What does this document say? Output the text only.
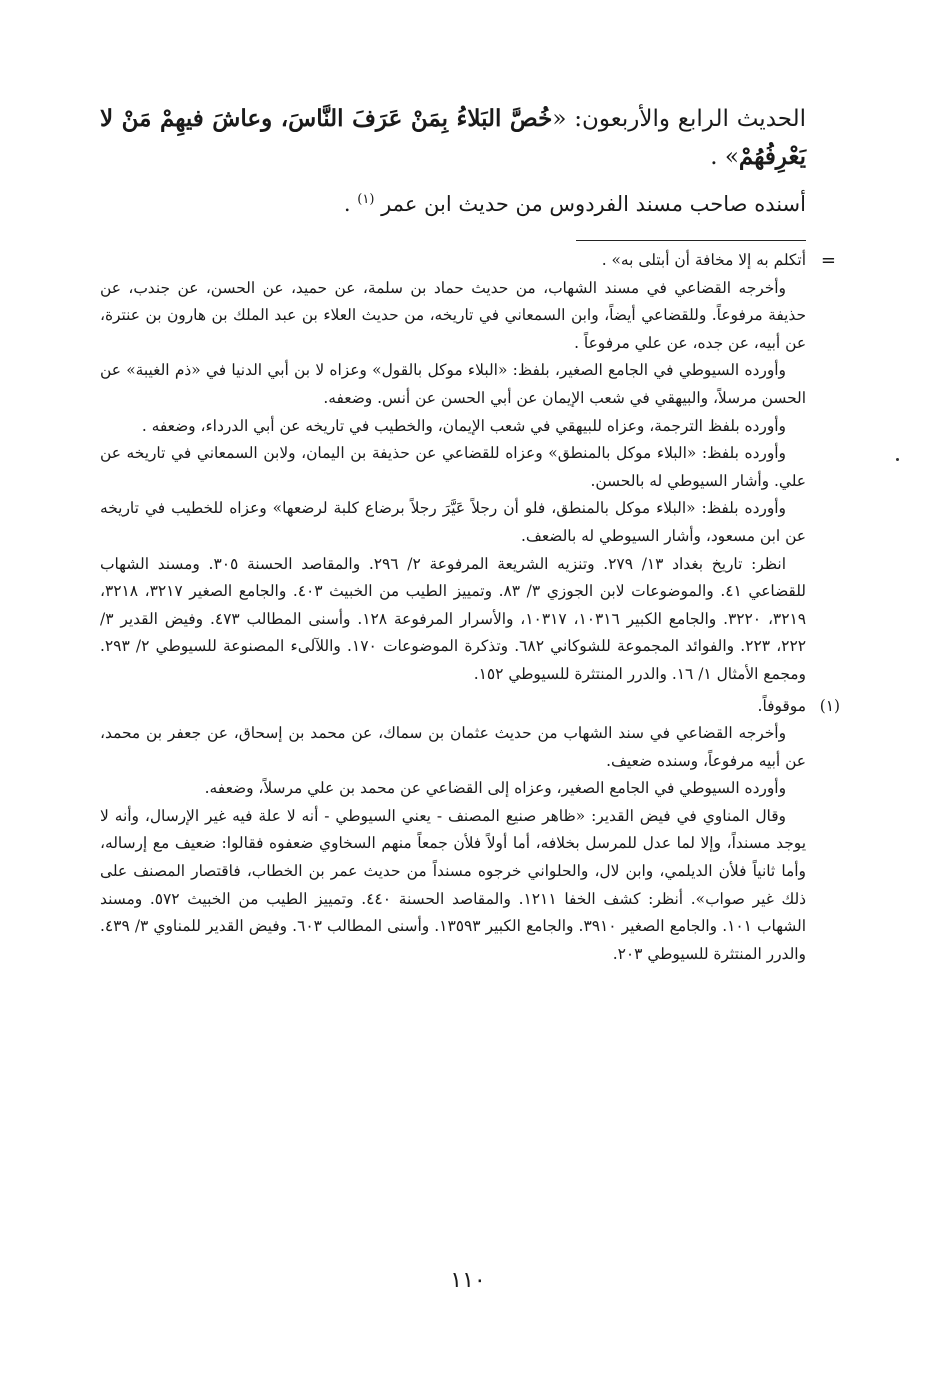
الحديث الرابع والأربعون: «خُصَّ البَلاءُ بِمَنْ عَرَفَ النَّاسَ، وعاشَ فيهِمْ مَنْ لا يَعْرِفُهُمْ» .

أسنده صاحب مسند الفردوس من حديث ابن عمر $^{(١)}$ .

=

أتكلم به إلا مخافة أن أبتلى به» .

وأخرجه القضاعي في مسند الشهاب، من حديث حماد بن سلمة، عن حميد، عن الحسن، عن جندب، عن حذيفة مرفوعاً. وللقضاعي أيضاً، وابن السمعاني في تاريخه، من حديث العلاء بن عبد الملك بن هارون بن عنترة، عن أبيه، عن جده، عن علي مرفوعاً .

وأورده السيوطي في الجامع الصغير، بلفظ: «البلاء موكل بالقول» وعزاه لا بن أبي الدنيا في «ذم الغيبة» عن الحسن مرسلاً، والبيهقي في شعب الإيمان عن أبي الحسن عن أنس. وضعفه.

وأورده بلفظ الترجمة، وعزاه للبيهقي في شعب الإيمان، والخطيب في تاريخه عن أبي الدرداء، وضعفه .

وأورده بلفظ: «البلاء موكل بالمنطق» وعزاه للقضاعي عن حذيفة بن اليمان، ولابن السمعاني في تاريخه عن علي. وأشار السيوطي له بالحسن.

وأورده بلفظ: «البلاء موكل بالمنطق، فلو أن رجلاً عَيَّرَ رجلاً برضاع كلبة لرضعها» وعزاه للخطيب في تاريخه عن ابن مسعود، وأشار السيوطي له بالضعف.

انظر: تاريخ بغداد ١٣/ ٢٧٩. وتنزيه الشريعة المرفوعة ٢/ ٢٩٦. والمقاصد الحسنة ٣٠٥. ومسند الشهاب للقضاعي ٤١. والموضوعات لابن الجوزي ٣/ ٨٣. وتمييز الطيب من الخبيث ٤٠٣. والجامع الصغير ٣٢١٧، ٣٢١٨، ٣٢١٩، ٣٢٢٠. والجامع الكبير ١٠٣١٦، ١٠٣١٧، والأسرار المرفوعة ١٢٨. وأسنى المطالب ٤٧٣. وفيض القدير ٣/ ٢٢٢، ٢٢٣. والفوائد المجموعة للشوكاني ٦٨٢. وتذكرة الموضوعات ١٧٠. واللآلىء المصنوعة للسيوطي ٢/ ٢٩٣. ومجمع الأمثال ١/ ١٦. والدرر المنتثرة للسيوطي ١٥٢.

(١)

موقوفاً.

وأخرجه القضاعي في سند الشهاب من حديث عثمان بن سماك، عن محمد بن إسحاق، عن جعفر بن محمد، عن أبيه مرفوعاً، وسنده ضعيف.

وأورده السيوطي في الجامع الصغير، وعزاه إلى القضاعي عن محمد بن علي مرسلاً، وضعفه.

وقال المناوي في فيض القدير: «ظاهر صنيع المصنف - يعني السيوطي - أنه لا علة فيه غير الإرسال، وأنه لا يوجد مسنداً، وإلا لما عدل للمرسل بخلافه، أما أولاً فلأن جمعاً منهم السخاوي ضعفوه فقالوا: ضعيف مع إرساله، وأما ثانياً فلأن الديلمي، وابن لال، والحلواني خرجوه مسنداً من حديث عمر بن الخطاب، فاقتصار المصنف على ذلك غير صواب». أنظر: كشف الخفا ١٢١١. والمقاصد الحسنة ٤٤٠. وتمييز الطيب من الخبيث ٥٧٢. ومسند الشهاب ١٠١. والجامع الصغير ٣٩١٠. والجامع الكبير ١٣٥٩٣. وأسنى المطالب ٦٠٣. وفيض القدير للمناوي ٣/ ٤٣٩. والدرر المنتثرة للسيوطي ٢٠٣.

١١٠
